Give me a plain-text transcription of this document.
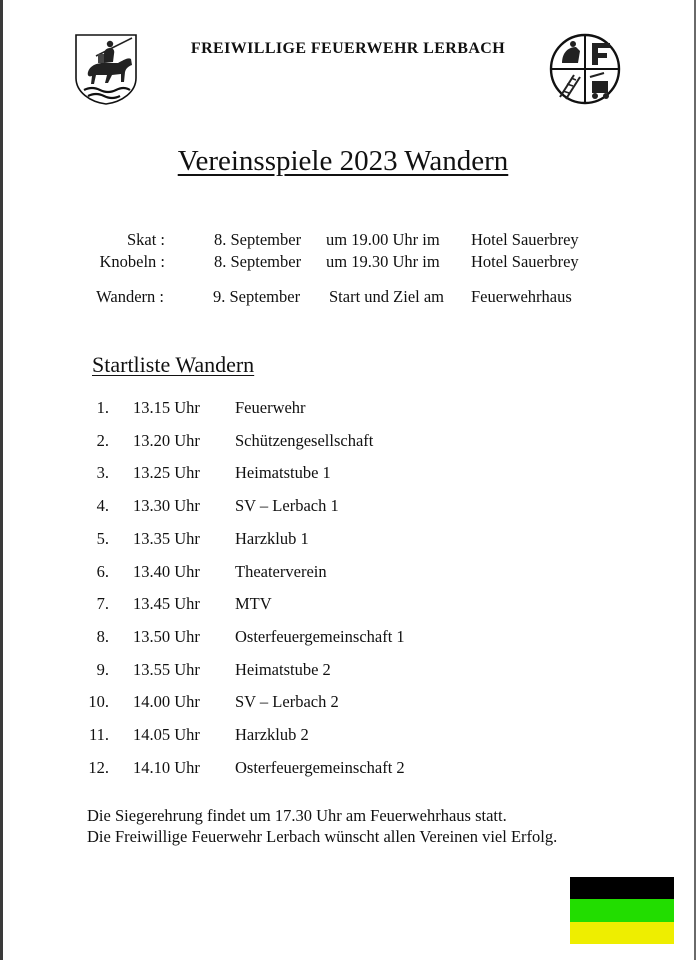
FREIWILLIGE FEUERWEHR LERBACH
Vereinsspiele 2023 Wandern
Skat :	8. September um 19.00 Uhr im Hotel Sauerbrey
Knobeln :	8. September um 19.30 Uhr im Hotel Sauerbrey
Wandern :	9. September Start und Ziel am Feuerwehrhaus
Startliste Wandern
1. 13.15 Uhr Feuerwehr
2. 13.20 Uhr Schützengesellschaft
3. 13.25 Uhr Heimatstube 1
4. 13.30 Uhr SV – Lerbach 1
5. 13.35 Uhr Harzklub 1
6. 13.40 Uhr Theaterverein
7. 13.45 Uhr MTV
8. 13.50 Uhr Osterfeuergemeinschaft 1
9. 13.55 Uhr Heimatstube 2
10. 14.00 Uhr SV – Lerbach 2
11. 14.05 Uhr Harzklub 2
12. 14.10 Uhr Osterfeuergemeinschaft 2
Die Siegerehrung findet um 17.30 Uhr am Feuerwehrhaus statt.
Die Freiwillige Feuerwehr Lerbach wünscht allen Vereinen viel Erfolg.
